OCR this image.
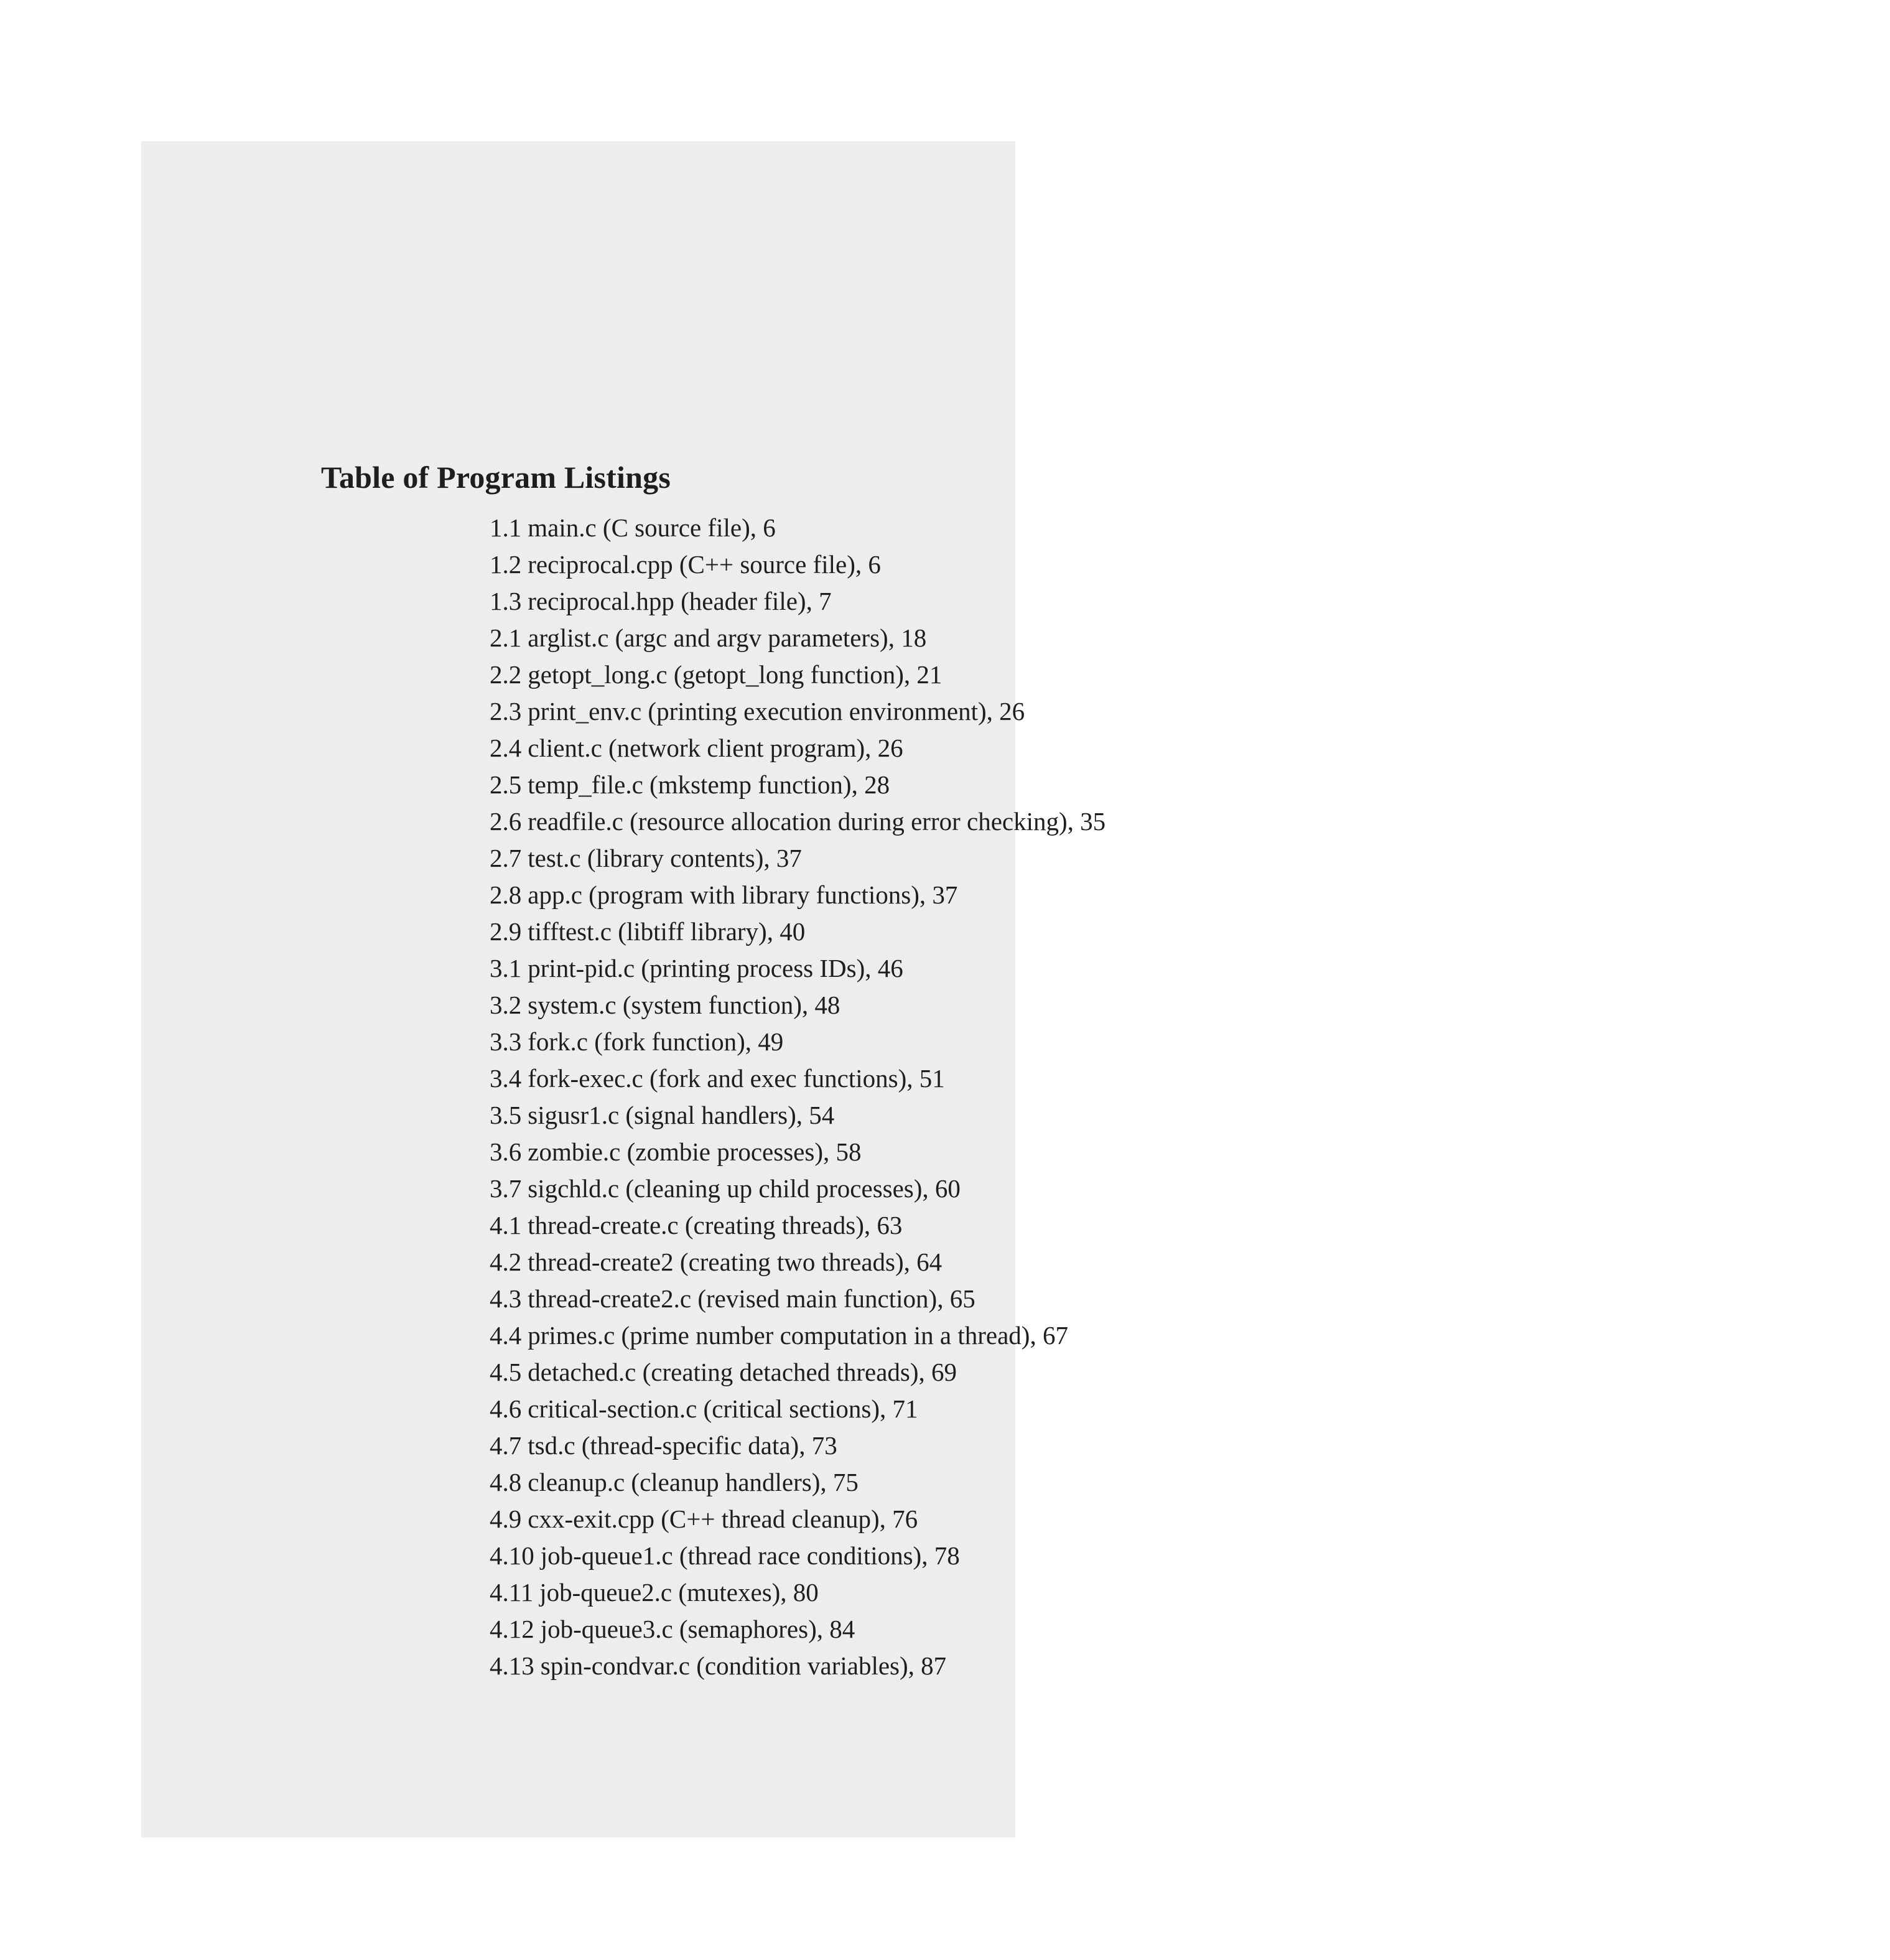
Table of Program Listings
1.1 main.c (C source file), 6
1.2 reciprocal.cpp (C++ source file), 6
1.3 reciprocal.hpp (header file), 7
2.1 arglist.c (argc and argv parameters), 18
2.2 getopt_long.c (getopt_long function), 21
2.3 print_env.c (printing execution environment), 26
2.4 client.c (network client program), 26
2.5 temp_file.c (mkstemp function), 28
2.6 readfile.c (resource allocation during error checking), 35
2.7 test.c (library contents), 37
2.8 app.c (program with library functions), 37
2.9 tifftest.c (libtiff library), 40
3.1 print-pid.c (printing process IDs), 46
3.2 system.c (system function), 48
3.3 fork.c (fork function), 49
3.4 fork-exec.c (fork and exec functions), 51
3.5 sigusr1.c (signal handlers), 54
3.6 zombie.c (zombie processes), 58
3.7 sigchld.c (cleaning up child processes), 60
4.1 thread-create.c (creating threads), 63
4.2 thread-create2 (creating two threads), 64
4.3 thread-create2.c (revised main function), 65
4.4 primes.c (prime number computation in a thread), 67
4.5 detached.c (creating detached threads), 69
4.6 critical-section.c (critical sections), 71
4.7 tsd.c (thread-specific data), 73
4.8 cleanup.c (cleanup handlers), 75
4.9 cxx-exit.cpp (C++ thread cleanup), 76
4.10 job-queue1.c (thread race conditions), 78
4.11 job-queue2.c (mutexes), 80
4.12 job-queue3.c (semaphores), 84
4.13 spin-condvar.c (condition variables), 87
